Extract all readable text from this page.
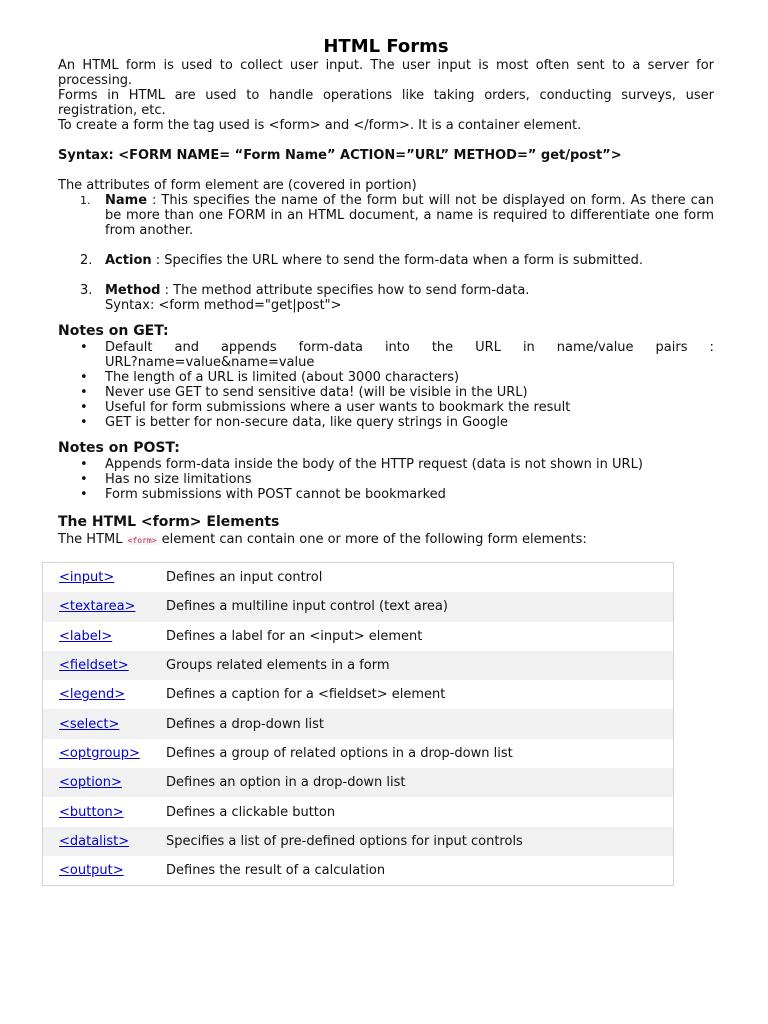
HTML Forms

An HTML form is used to collect user input. The user input is most often sent to a server for processing.

Forms in HTML are used to handle operations like taking orders, conducting surveys, user registration, etc.

To create a form the tag used is <form> and </form>. It is a container element.

Syntax: <FORM NAME= “Form Name” ACTION=”URL” METHOD=” get/post”>

The attributes of form element are (covered in portion)

1. Name : This specifies the name of the form but will not be displayed on form. As there can be more than one FORM in an HTML document, a name is required to differentiate one form from another.
2. Action : Specifies the URL where to send the form-data when a form is submitted.
3. Method : The method attribute specifies how to send form-data.
Syntax: <form method="get|post">
Notes on GET:
• Default and appends form-data into the URL in name/value pairs :
URL?name=value&name=value
• The length of a URL is limited (about 3000 characters)
• Never use GET to send sensitive data! (will be visible in the URL)
• Useful for form submissions where a user wants to bookmark the result
• GET is better for non-secure data, like query strings in Google
Notes on POST:
• Appends form-data inside the body of the HTTP request (data is not shown in URL)
• Has no size limitations
• Form submissions with POST cannot be bookmarked
The HTML <form> Elements

The HTML <form> element can contain one or more of the following form elements:

<input>	Defines an input control
<textarea>	Defines a multiline input control (text area)
<label>	Defines a label for an <input> element
<fieldset>	Groups related elements in a form
<legend>	Defines a caption for a <fieldset> element
<select>	Defines a drop-down list
<optgroup>	Defines a group of related options in a drop-down list
<option>	Defines an option in a drop-down list
<button>	Defines a clickable button
<datalist>	Specifies a list of pre-defined options for input controls
<output>	Defines the result of a calculation
